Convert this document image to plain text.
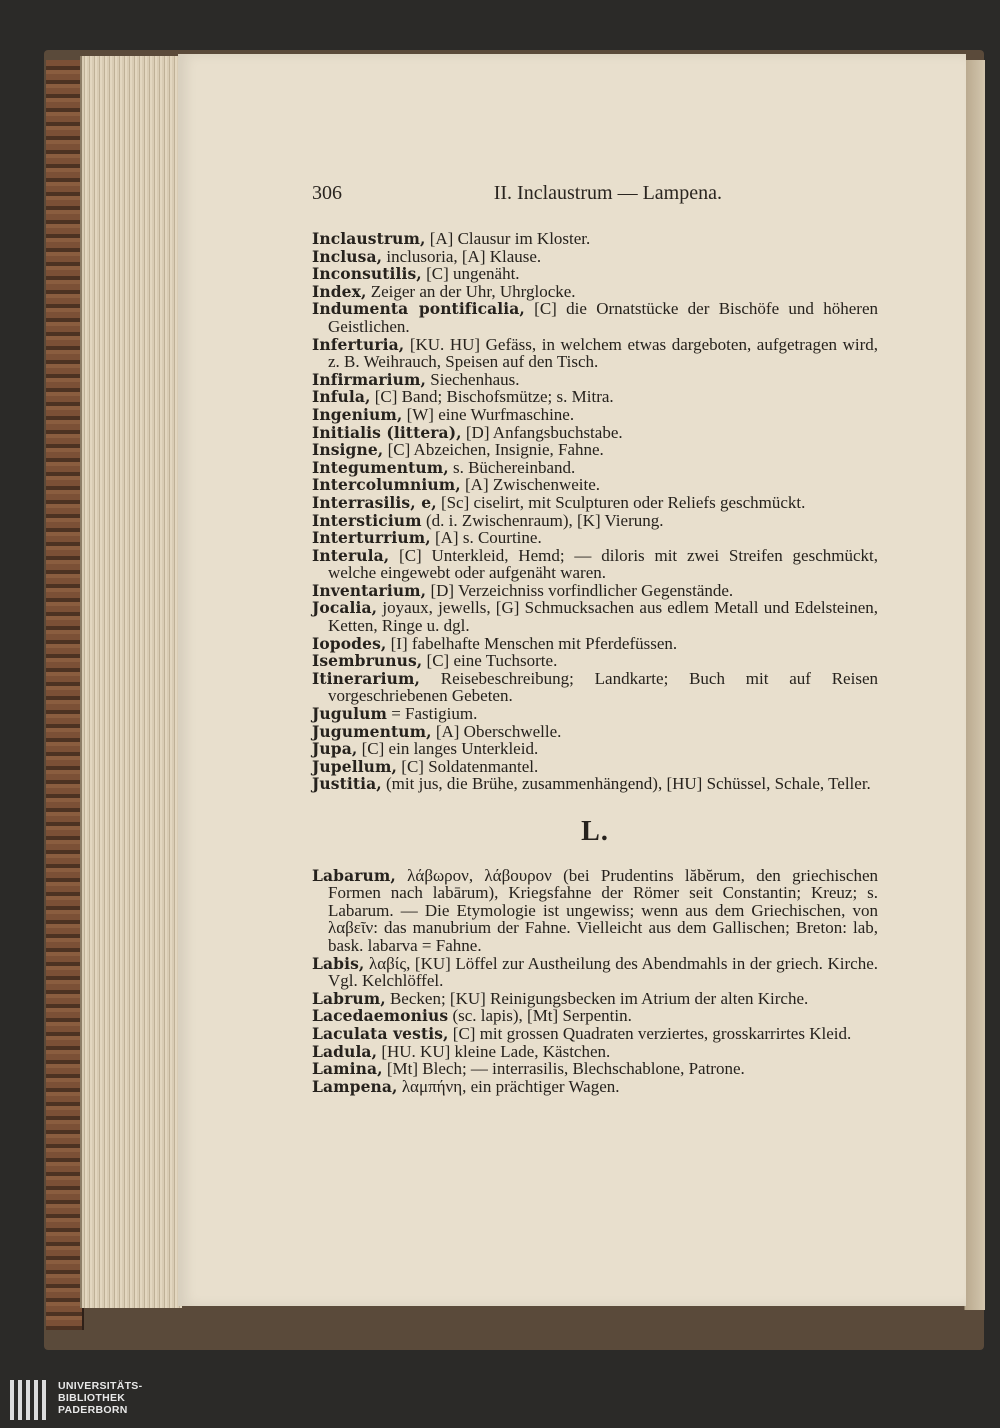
306	II. Inclaustrum — Lampena.

Inclaustrum, [A] Clausur im Kloster.

Inclusa, inclusoria, [A] Klause.

Inconsutilis, [C] ungenäht.

Index, Zeiger an der Uhr, Uhrglocke.

Indumenta pontificalia, [C] die Ornatstücke der Bischöfe und höheren Geistlichen.

Inferturia, [KU. HU] Gefäss, in welchem etwas dargeboten, aufgetragen wird, z. B. Weihrauch, Speisen auf den Tisch.

Infirmarium, Siechenhaus.

Infula, [C] Band; Bischofsmütze; s. Mitra.

Ingenium, [W] eine Wurfmaschine.

Initialis (littera), [D] Anfangsbuchstabe.

Insigne, [C] Abzeichen, Insignie, Fahne.

Integumentum, s. Büchereinband.

Intercolumnium, [A] Zwischenweite.

Interrasilis, e, [Sc] ciselirt, mit Sculpturen oder Reliefs geschmückt.

Intersticium (d. i. Zwischenraum), [K] Vierung.

Interturrium, [A] s. Courtine.

Interula, [C] Unterkleid, Hemd; — diloris mit zwei Streifen geschmückt, welche eingewebt oder aufgenäht waren.

Inventarium, [D] Verzeichniss vorfindlicher Gegenstände.

Jocalia, joyaux, jewells, [G] Schmucksachen aus edlem Metall und Edelsteinen, Ketten, Ringe u. dgl.

Iopodes, [I] fabelhafte Menschen mit Pferdefüssen.

Isembrunus, [C] eine Tuchsorte.

Itinerarium, Reisebeschreibung; Landkarte; Buch mit auf Reisen vorgeschriebenen Gebeten.

Jugulum = Fastigium.

Jugumentum, [A] Oberschwelle.

Jupa, [C] ein langes Unterkleid.

Jupellum, [C] Soldatenmantel.

Justitia, (mit jus, die Brühe, zusammenhängend), [HU] Schüssel, Schale, Teller.

L.

Labarum, λάβωρον, λάβουρον (bei Prudentins lăbĕrum, den griechischen Formen nach labārum), Kriegsfahne der Römer seit Constantin; Kreuz; s. Labarum. — Die Etymologie ist ungewiss; wenn aus dem Griechischen, von λαβεῖν: das manubrium der Fahne. Vielleicht aus dem Gallischen; Breton: lab, bask. labarva = Fahne.

Labis, λαβίς, [KU] Löffel zur Austheilung des Abendmahls in der griech. Kirche. Vgl. Kelchlöffel.

Labrum, Becken; [KU] Reinigungsbecken im Atrium der alten Kirche.

Lacedaemonius (sc. lapis), [Mt] Serpentin.

Laculata vestis, [C] mit grossen Quadraten verziertes, grosskarrirtes Kleid.

Ladula, [HU. KU] kleine Lade, Kästchen.

Lamina, [Mt] Blech; — interrasilis, Blechschablone, Patrone.

Lampena, λαμπήνη, ein prächtiger Wagen.

UNIVERSITÄTS-
BIBLIOTHEK
PADERBORN
